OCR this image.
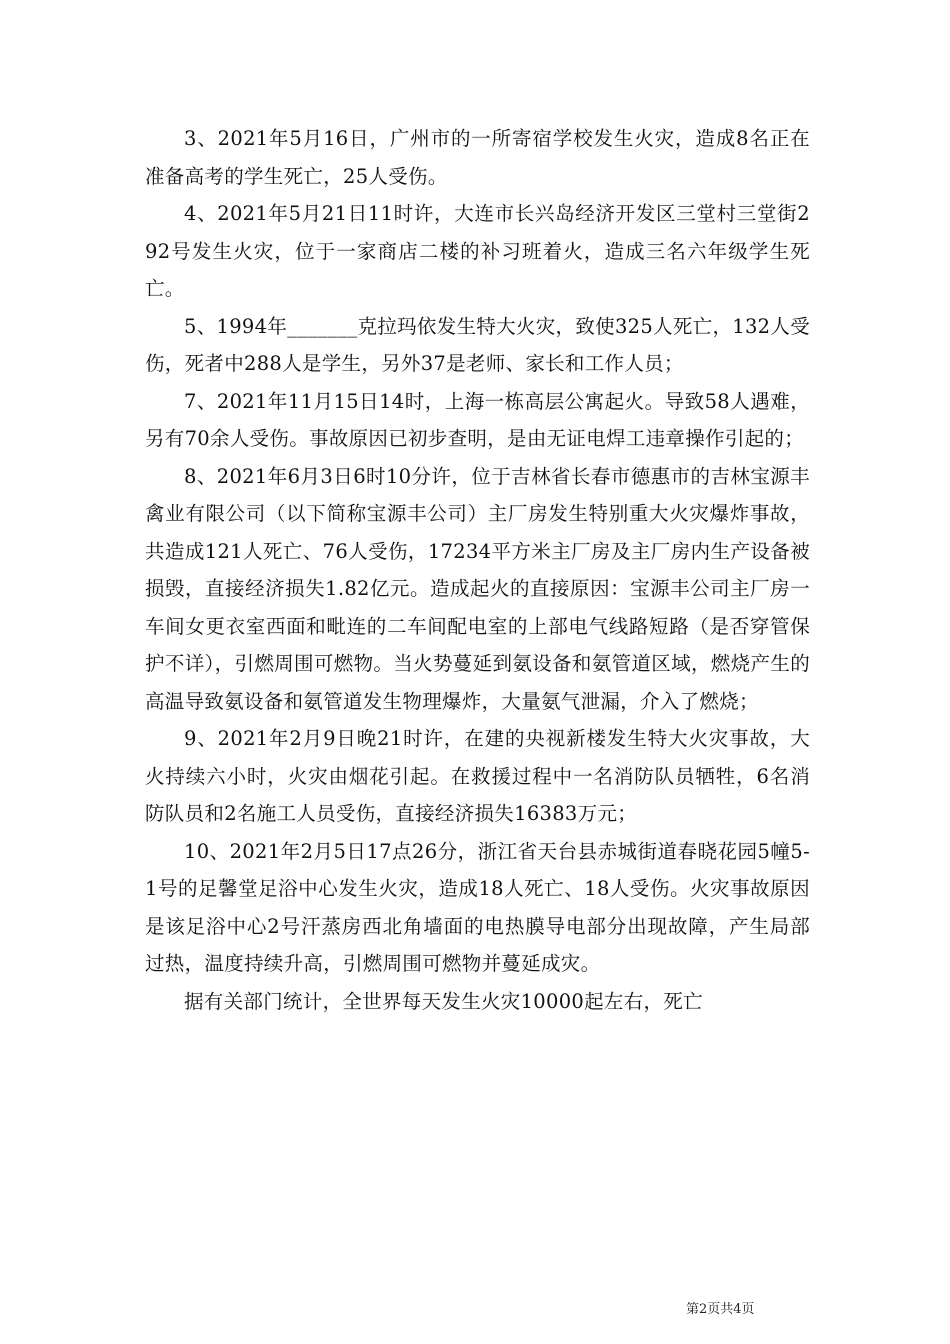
3、2021年5月16日，广州市的一所寄宿学校发生火灾，造成8名正在准备高考的学生死亡，25人受伤。

4、2021年5月21日11时许，大连市长兴岛经济开发区三堂村三堂街292号发生火灾，位于一家商店二楼的补习班着火，造成三名六年级学生死亡。

5、1994年_______克拉玛依发生特大火灾，致使325人死亡，132人受伤，死者中288人是学生，另外37是老师、家长和工作人员；

7、2021年11月15日14时，上海一栋高层公寓起火。导致58人遇难，另有70余人受伤。事故原因已初步查明，是由无证电焊工违章操作引起的；

8、2021年6月3日6时10分许，位于吉林省长春市德惠市的吉林宝源丰禽业有限公司（以下简称宝源丰公司）主厂房发生特别重大火灾爆炸事故，共造成121人死亡、76人受伤，17234平方米主厂房及主厂房内生产设备被损毁，直接经济损失1.82亿元。造成起火的直接原因：宝源丰公司主厂房一车间女更衣室西面和毗连的二车间配电室的上部电气线路短路（是否穿管保护不详），引燃周围可燃物。当火势蔓延到氨设备和氨管道区域，燃烧产生的高温导致氨设备和氨管道发生物理爆炸，大量氨气泄漏，介入了燃烧；

9、2021年2月9日晚21时许，在建的央视新楼发生特大火灾事故，大火持续六小时，火灾由烟花引起。在救援过程中一名消防队员牺牲，6名消防队员和2名施工人员受伤，直接经济损失16383万元；

10、2021年2月5日17点26分，浙江省天台县赤城街道春晓花园5幢5-1号的足馨堂足浴中心发生火灾，造成18人死亡、18人受伤。火灾事故原因是该足浴中心2号汗蒸房西北角墙面的电热膜导电部分出现故障，产生局部过热，温度持续升高，引燃周围可燃物并蔓延成灾。

据有关部门统计，全世界每天发生火灾10000起左右，死亡

第2页共4页
